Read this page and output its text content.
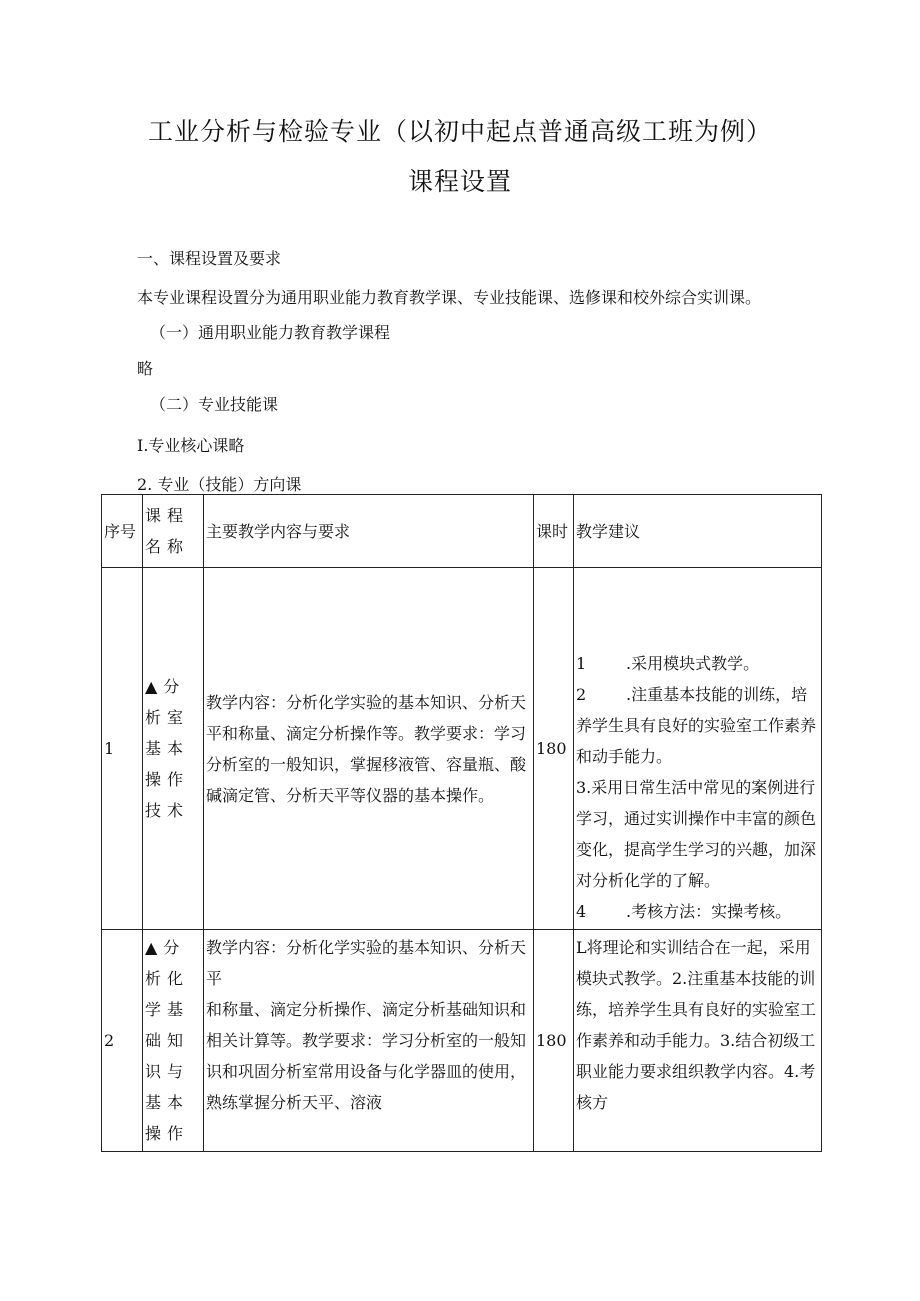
工业分析与检验专业（以初中起点普通高级工班为例）
课程设置
一、课程设置及要求
本专业课程设置分为通用职业能力教育教学课、专业技能课、选修课和校外综合实训课。
（一）通用职业能力教育教学课程
略
（二）专业技能课
I.专业核心课略
2. 专业（技能）方向课
序号	课程名称	主要教学内容与要求	课时	教学建议
1	▲分析室基本操作技术	教学内容：分析化学实验的基本知识、分析天平和称量、滴定分析操作等。教学要求：学习分析室的一般知识，掌握移液管、容量瓶、酸碱滴定管、分析天平等仪器的基本操作。	180	1 .采用模块式教学。
2 .注重基本技能的训练，培养学生具有良好的实验室工作素养和动手能力。
3.采用日常生活中常见的案例进行学习，通过实训操作中丰富的颜色变化，提高学生学习的兴趣，加深对分析化学的了解。
4 .考核方法：实操考核。

2	▲分析化学基础知识与基本操作	教学内容：分析化学实验的基本知识、分析天平
和称量、滴定分析操作、滴定分析基础知识和相关计算等。教学要求：学习分析室的一般知识和巩固分析室常用设备与化学器皿的使用，熟练掌握分析天平、溶液	180	L将理论和实训结合在一起，采用模块式教学。2.注重基本技能的训练，培养学生具有良好的实验室工作素养和动手能力。3.结合初级工职业能力要求组织教学内容。4.考核方
